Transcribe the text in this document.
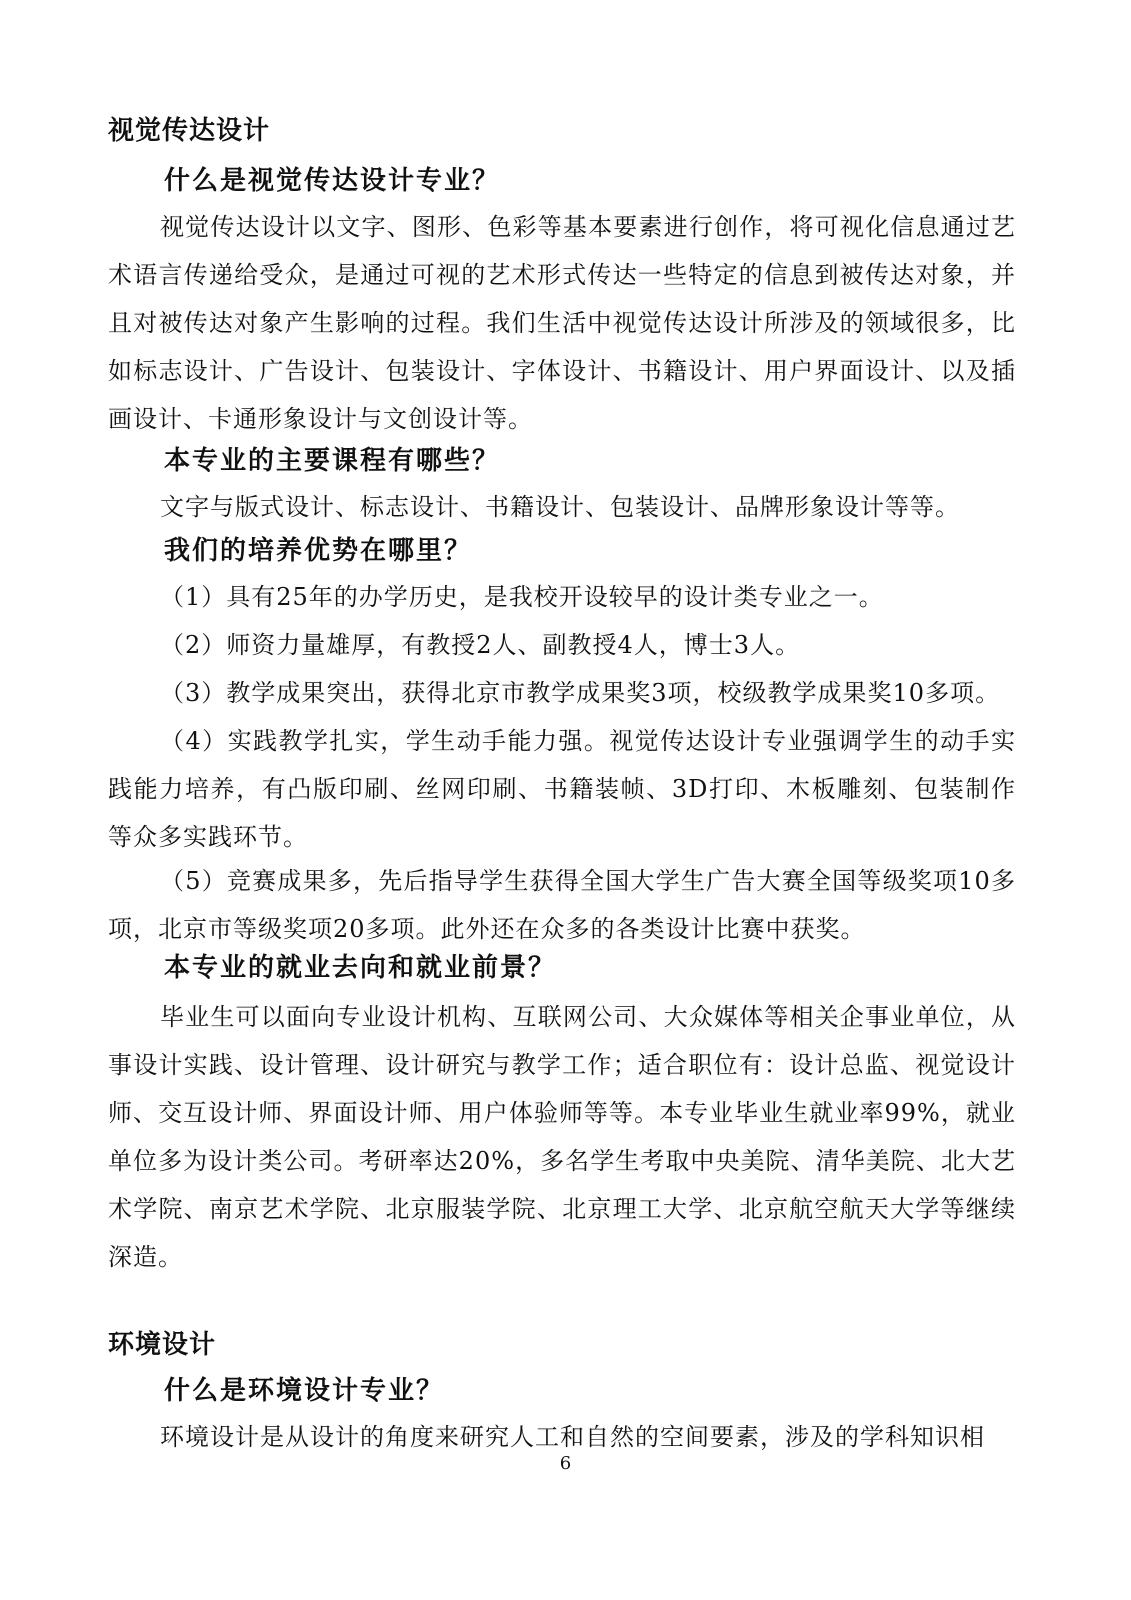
视觉传达设计
什么是视觉传达设计专业？

视觉传达设计以文字、图形、色彩等基本要素进行创作，将可视化信息通过艺术语言传递给受众，是通过可视的艺术形式传达一些特定的信息到被传达对象，并且对被传达对象产生影响的过程。我们生活中视觉传达设计所涉及的领域很多，比如标志设计、广告设计、包装设计、字体设计、书籍设计、用户界面设计、以及插画设计、卡通形象设计与文创设计等。

本专业的主要课程有哪些？

文字与版式设计、标志设计、书籍设计、包装设计、品牌形象设计等等。

我们的培养优势在哪里？

（1）具有25年的办学历史，是我校开设较早的设计类专业之一。

（2）师资力量雄厚，有教授2人、副教授4人，博士3人。

（3）教学成果突出，获得北京市教学成果奖3项，校级教学成果奖10多项。

（4）实践教学扎实，学生动手能力强。视觉传达设计专业强调学生的动手实践能力培养，有凸版印刷、丝网印刷、书籍装帧、3D打印、木板雕刻、包装制作等众多实践环节。

（5）竞赛成果多，先后指导学生获得全国大学生广告大赛全国等级奖项10多项，北京市等级奖项20多项。此外还在众多的各类设计比赛中获奖。

本专业的就业去向和就业前景？

毕业生可以面向专业设计机构、互联网公司、大众媒体等相关企事业单位，从事设计实践、设计管理、设计研究与教学工作；适合职位有：设计总监、视觉设计师、交互设计师、界面设计师、用户体验师等等。本专业毕业生就业率99%，就业单位多为设计类公司。考研率达20%，多名学生考取中央美院、清华美院、北大艺术学院、南京艺术学院、北京服装学院、北京理工大学、北京航空航天大学等继续深造。

环境设计
什么是环境设计专业？

环境设计是从设计的角度来研究人工和自然的空间要素，涉及的学科知识相

6
